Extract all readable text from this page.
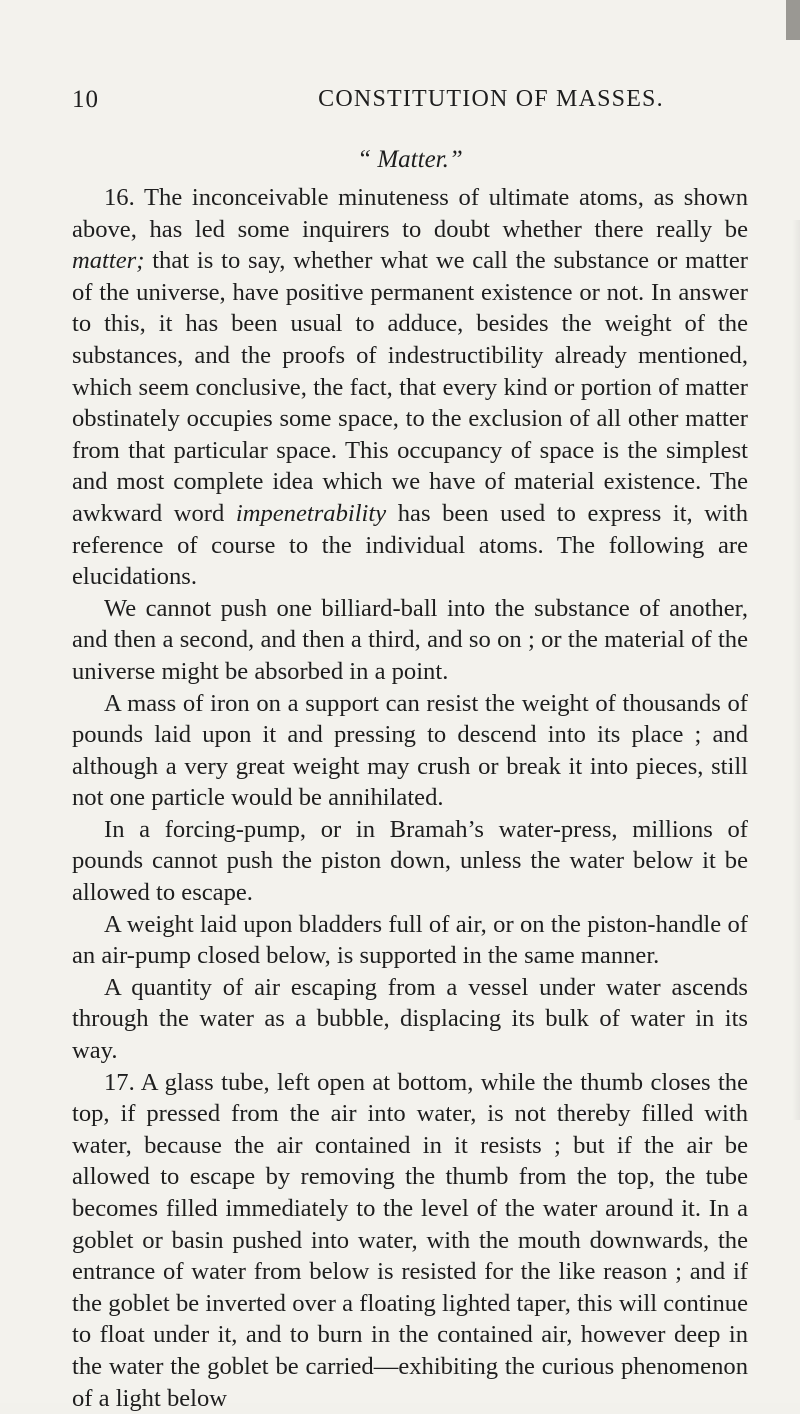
10	CONSTITUTION OF MASSES.
“ Matter.”

16. The inconceivable minuteness of ultimate atoms, as shown above, has led some inquirers to doubt whether there really be matter; that is to say, whether what we call the substance or matter of the universe, have positive permanent existence or not. In answer to this, it has been usual to adduce, besides the weight of the substances, and the proofs of indestructibility already mentioned, which seem conclusive, the fact, that every kind or portion of matter obstinately occupies some space, to the exclusion of all other matter from that particular space. This occupancy of space is the simplest and most complete idea which we have of material existence. The awkward word impenetrability has been used to express it, with reference of course to the individual atoms. The following are elucidations.

We cannot push one billiard-ball into the substance of another, and then a second, and then a third, and so on ; or the material of the universe might be absorbed in a point.

A mass of iron on a support can resist the weight of thousands of pounds laid upon it and pressing to descend into its place ; and although a very great weight may crush or break it into pieces, still not one particle would be annihilated.

In a forcing-pump, or in Bramah’s water-press, millions of pounds cannot push the piston down, unless the water below it be allowed to escape.

A weight laid upon bladders full of air, or on the piston-handle of an air-pump closed below, is supported in the same manner.

A quantity of air escaping from a vessel under water ascends through the water as a bubble, displacing its bulk of water in its way.

17. A glass tube, left open at bottom, while the thumb closes the top, if pressed from the air into water, is not thereby filled with water, because the air contained in it resists ; but if the air be allowed to escape by removing the thumb from the top, the tube becomes filled immediately to the level of the water around it. In a goblet or basin pushed into water, with the mouth downwards, the entrance of water from below is resisted for the like reason ; and if the goblet be inverted over a floating lighted taper, this will continue to float under it, and to burn in the contained air, however deep in the water the goblet be carried—exhibiting the curious phenomenon of a light below
